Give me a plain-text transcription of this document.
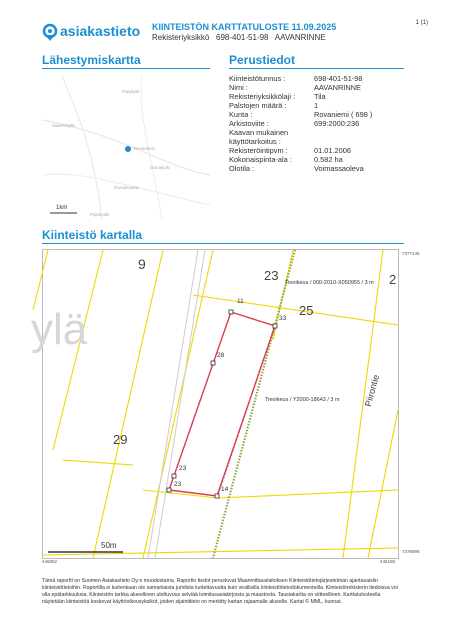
asiakastieto KIINTEISTÖN KARTTATULOSTE 11.09.2025
Rekisteriyksikkö 698-401-51-98 AAVANRINNE
1 (1)
Lähestymiskartta	Perustiedot
Pajukylä
Saarenkylä
Rovaniemi
Ounasjoki
Ounasvaara
Pajukoski
1km
Kiinteistötunnus :	698-401-51-98
Nimi :	AAVANRINNE
Rekisteriyksikkölaji :	Tila
Palstojen määrä :	1
Kunta :	Rovaniemi ( 698 )
Arkistoviite :	699:2000:236
Kaavan mukainen
käyttötarkoitus :
Rekisteröintipvm :	01.01.2006
Kokonaispinta-ala :	0.582 ha
Olotila :	Voimassaoleva
Kiinteistö kartalla
ylä
9
23
25
2
29
11
33
28
23
23
14
Tieoikeus / 000-2010-X050955 / 3 m
Tieoikeus / Y2000-18643 / 3 m	Piirontie
50m
7377146
7376998
446052	446198
Tämä raportti on Suomen Asiakastieto Oy:n muodostama. Raportin tiedot perustuvat Maanmittauslaitoksen Kiinteistötietojärjestelmän ajantasaisiin kiinteistötietoihin. Raportilla ei kuitenkaan ole samanlaista juridista luotettavuutta kuin virallisilla kiinteistötietodokumenteilla. Kiinteistörekisterin tiedoissa voi olla epätarkkuuksia. Kiinteistön tarkka alueellinen ulottuvuus selviää toimitusasiakirjoista ja maastosta. Taustakartta on viitteellinen. Karttatulosteella näytetään kiinteistöä koskevat käyttöoikeusyksiköt, joiden sijaintitieto on merkitty kartan rajaamalle alueelle. Kartat © MML, kunnat.
